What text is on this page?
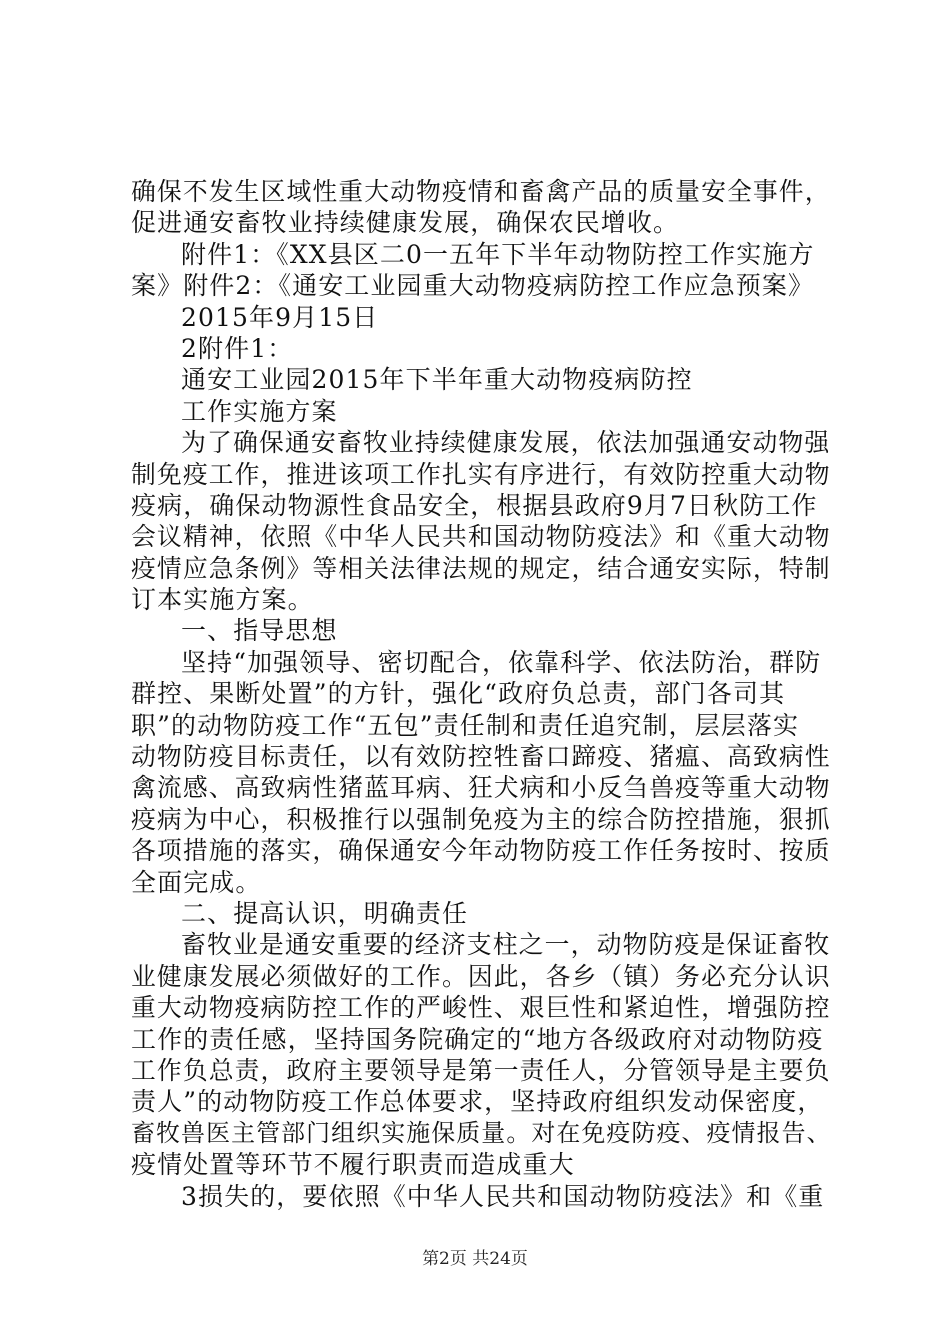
确保不发生区域性重大动物疫情和畜禽产品的质量安全事件，
促进通安畜牧业持续健康发展，确保农民增收。
附件1：《XX县区二0一五年下半年动物防控工作实施方
案》附件2：《通安工业园重大动物疫病防控工作应急预案》
2015年9月15日
2附件1：
通安工业园2015年下半年重大动物疫病防控
工作实施方案
为了确保通安畜牧业持续健康发展，依法加强通安动物强
制免疫工作，推进该项工作扎实有序进行，有效防控重大动物
疫病，确保动物源性食品安全，根据县政府9月7日秋防工作
会议精神，依照《中华人民共和国动物防疫法》和《重大动物
疫情应急条例》等相关法律法规的规定，结合通安实际，特制
订本实施方案。
一、指导思想
坚持“加强领导、密切配合，依靠科学、依法防治，群防
群控、果断处置”的方针，强化“政府负总责，部门各司其
职”的动物防疫工作“五包”责任制和责任追究制，层层落实
动物防疫目标责任，以有效防控牲畜口蹄疫、猪瘟、高致病性
禽流感、高致病性猪蓝耳病、狂犬病和小反刍兽疫等重大动物
疫病为中心，积极推行以强制免疫为主的综合防控措施，狠抓
各项措施的落实，确保通安今年动物防疫工作任务按时、按质
全面完成。
二、提高认识，明确责任
畜牧业是通安重要的经济支柱之一，动物防疫是保证畜牧
业健康发展必须做好的工作。因此，各乡（镇）务必充分认识
重大动物疫病防控工作的严峻性、艰巨性和紧迫性，增强防控
工作的责任感，坚持国务院确定的“地方各级政府对动物防疫
工作负总责，政府主要领导是第一责任人，分管领导是主要负
责人”的动物防疫工作总体要求，坚持政府组织发动保密度，
畜牧兽医主管部门组织实施保质量。对在免疫防疫、疫情报告、
疫情处置等环节不履行职责而造成重大
3损失的，要依照《中华人民共和国动物防疫法》和《重
第2页 共24页
